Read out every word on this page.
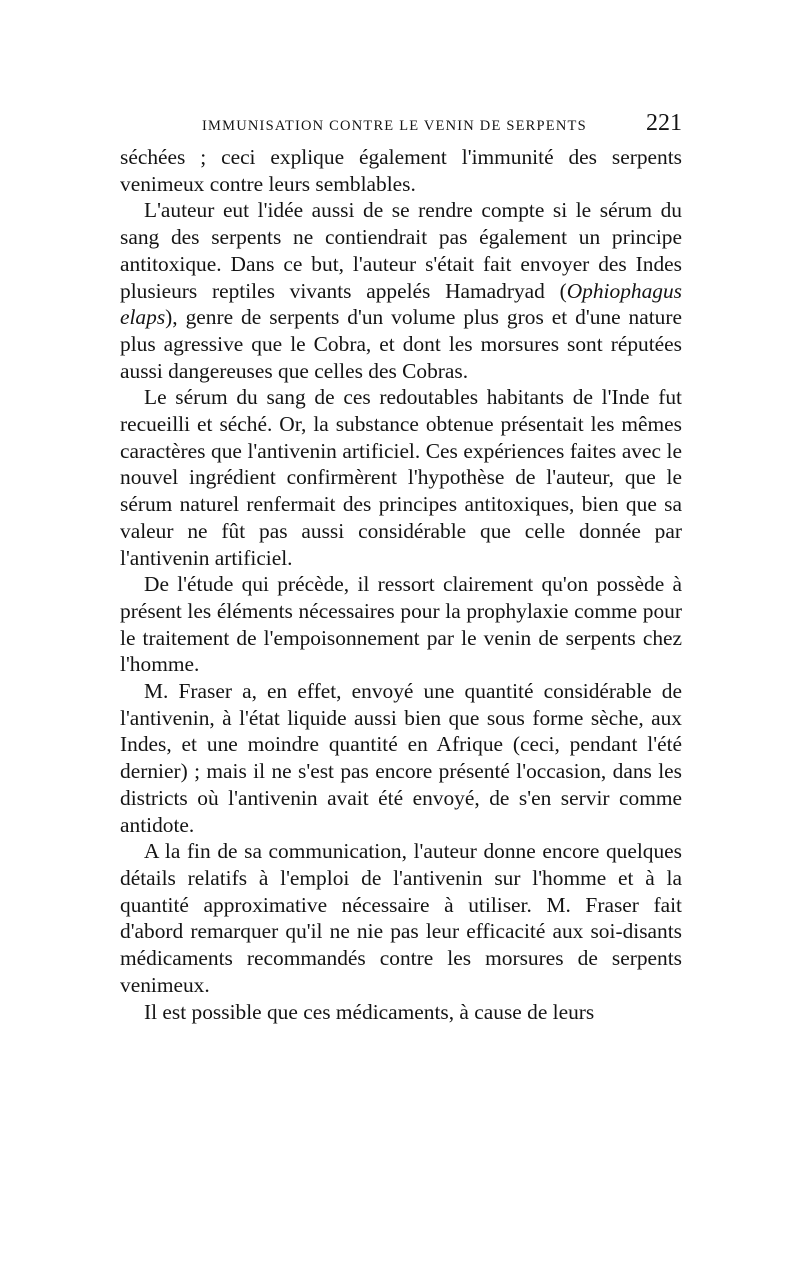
IMMUNISATION CONTRE LE VENIN DE SERPENTS 221

séchées ; ceci explique également l'immunité des serpents venimeux contre leurs semblables.

L'auteur eut l'idée aussi de se rendre compte si le sérum du sang des serpents ne contiendrait pas également un principe antitoxique. Dans ce but, l'auteur s'était fait envoyer des Indes plusieurs reptiles vivants appelés Hamadryad (Ophiophagus elaps), genre de serpents d'un volume plus gros et d'une nature plus agressive que le Cobra, et dont les morsures sont réputées aussi dangereuses que celles des Cobras.

Le sérum du sang de ces redoutables habitants de l'Inde fut recueilli et séché. Or, la substance obtenue présentait les mêmes caractères que l'antivenin artificiel. Ces expériences faites avec le nouvel ingrédient confirmèrent l'hypothèse de l'auteur, que le sérum naturel renfermait des principes antitoxiques, bien que sa valeur ne fût pas aussi considérable que celle donnée par l'antivenin artificiel.

De l'étude qui précède, il ressort clairement qu'on possède à présent les éléments nécessaires pour la prophylaxie comme pour le traitement de l'empoisonnement par le venin de serpents chez l'homme.

M. Fraser a, en effet, envoyé une quantité considérable de l'antivenin, à l'état liquide aussi bien que sous forme sèche, aux Indes, et une moindre quantité en Afrique (ceci, pendant l'été dernier) ; mais il ne s'est pas encore présenté l'occasion, dans les districts où l'antivenin avait été envoyé, de s'en servir comme antidote.

A la fin de sa communication, l'auteur donne encore quelques détails relatifs à l'emploi de l'antivenin sur l'homme et à la quantité approximative nécessaire à utiliser. M. Fraser fait d'abord remarquer qu'il ne nie pas leur efficacité aux soi-disants médicaments recommandés contre les morsures de serpents venimeux.

Il est possible que ces médicaments, à cause de leurs
